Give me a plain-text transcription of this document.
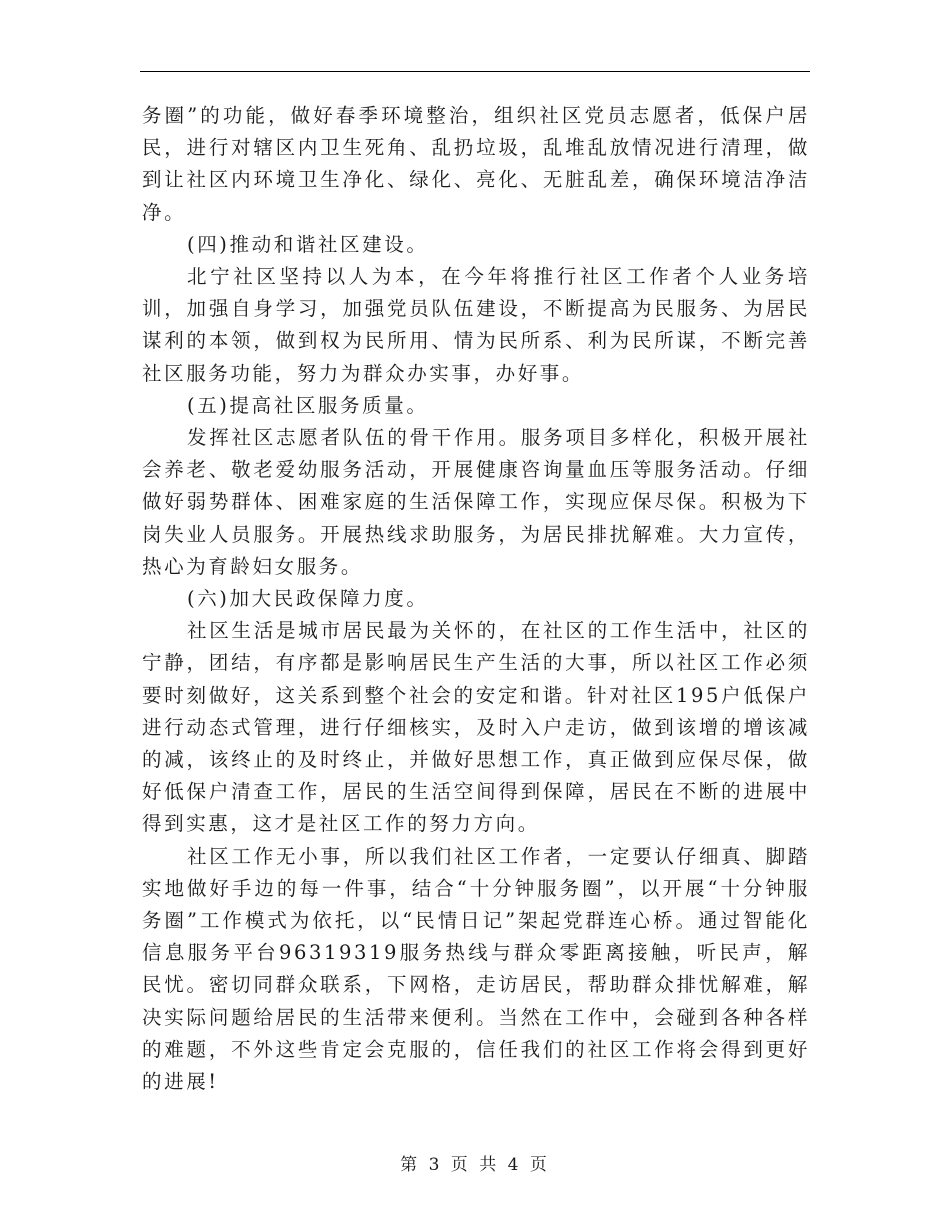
务圈”的功能，做好春季环境整治，组织社区党员志愿者，低保户居民，进行对辖区内卫生死角、乱扔垃圾，乱堆乱放情况进行清理，做到让社区内环境卫生净化、绿化、亮化、无脏乱差，确保环境洁净洁净。

(四)推动和谐社区建设。

北宁社区坚持以人为本，在今年将推行社区工作者个人业务培训，加强自身学习，加强党员队伍建设，不断提高为民服务、为居民谋利的本领，做到权为民所用、情为民所系、利为民所谋，不断完善社区服务功能，努力为群众办实事，办好事。

(五)提高社区服务质量。

发挥社区志愿者队伍的骨干作用。服务项目多样化，积极开展社会养老、敬老爱幼服务活动，开展健康咨询量血压等服务活动。仔细做好弱势群体、困难家庭的生活保障工作，实现应保尽保。积极为下岗失业人员服务。开展热线求助服务，为居民排扰解难。大力宣传，热心为育龄妇女服务。

(六)加大民政保障力度。

社区生活是城市居民最为关怀的，在社区的工作生活中，社区的宁静，团结，有序都是影响居民生产生活的大事，所以社区工作必须要时刻做好，这关系到整个社会的安定和谐。针对社区195户低保户进行动态式管理，进行仔细核实，及时入户走访，做到该增的增该减的减，该终止的及时终止，并做好思想工作，真正做到应保尽保，做好低保户清查工作，居民的生活空间得到保障，居民在不断的进展中得到实惠，这才是社区工作的努力方向。

社区工作无小事，所以我们社区工作者，一定要认仔细真、脚踏实地做好手边的每一件事，结合“十分钟服务圈”，以开展“十分钟服务圈”工作模式为依托，以“民情日记”架起党群连心桥。通过智能化信息服务平台96319319服务热线与群众零距离接触，听民声，解民忧。密切同群众联系，下网格，走访居民，帮助群众排忧解难，解决实际问题给居民的生活带来便利。当然在工作中，会碰到各种各样的难题，不外这些肯定会克服的，信任我们的社区工作将会得到更好的进展!

第 3 页 共 4 页
